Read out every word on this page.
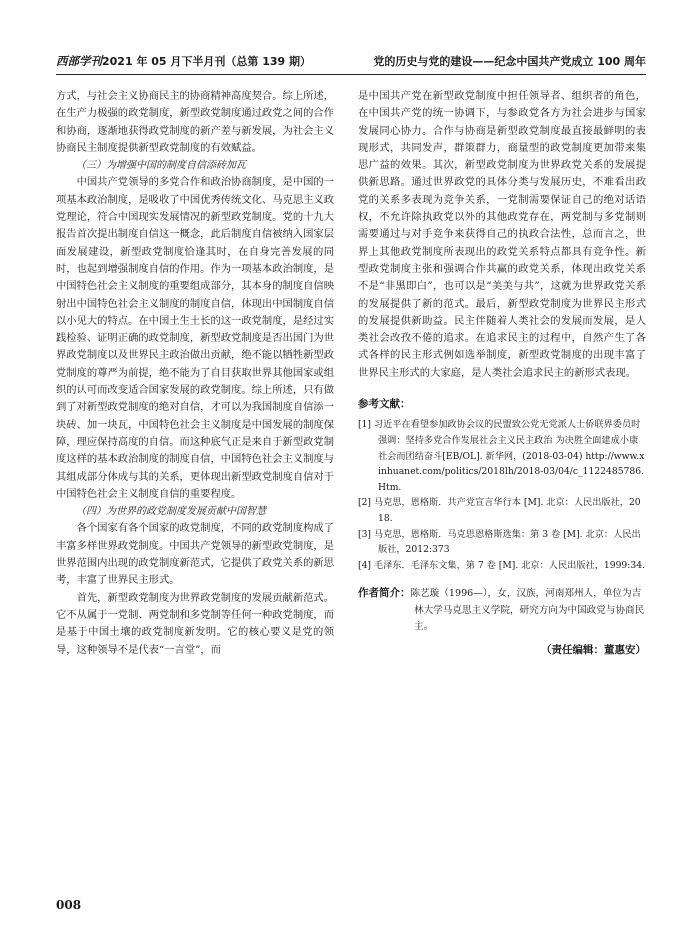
西部学刊2021 年 05 月下半月刊（总第 139 期）	党的历史与党的建设——纪念中国共产党成立 100 周年

方式，与社会主义协商民主的协商精神高度契合。综上所述，在生产力极强的政党制度，新型政党制度通过政党之间的合作和协商，逐渐地获得政党制度的新产差与新发展，为社会主义协商民主制度提供新型政党制度的有效赋益。

（三）为增强中国的制度自信添砖加瓦

中国共产党领导的多党合作和政治协商制度，是中国的一项基本政治制度，是吸收了中国优秀传统文化、马克思主义政党理论，符合中国现实发展情况的新型政党制度。党的十九大报告首次提出制度自信这一概念，此后制度自信被纳入国家层面发展建设，新型政党制度恰逢其时，在自身完善发展的同时，也起到增强制度自信的作用。作为一项基本政治制度，是中国特色社会主义制度的重要组成部分，其本身的制度自信映射出中国特色社会主义制度的制度自信，体现出中国制度自信以小见大的特点。在中国土生土长的这一政党制度，是经过实践检验、证明正确的政党制度，新型政党制度是否出国门为世界政党制度以及世界民主政治做出贡献，绝不能以牺牲新型政党制度的尊严为前提，绝不能为了自目获取世界其他国家或组织的认可而改变适合国家发展的政党制度。综上所述，只有做到了对新型政党制度的绝对自信，才可以为我国制度自信添一块砖、加一块瓦，中国特色社会主义制度是中国发展的制度保障，理应保持高度的自信。而这种底气正是来自于新型政党制度这样的基本政治制度的制度自信，中国特色社会主义制度与其组成部分体成与其的关系，更体现出新型政党制度自信对于中国特色社会主义制度自信的重要程度。

（四）为世界的政党制度发展贡献中国智慧

各个国家有各个国家的政党制度，不同的政党制度构成了丰富多样世界政党制度。中国共产党领导的新型政党制度，是世界范围内出现的政党制度新范式，它提供了政党关系的新思考，丰富了世界民主形式。

首先，新型政党制度为世界政党制度的发展贡献新范式。它不从属于一党制、两党制和多党制等任何一种政党制度，而是基于中国土壤的政党制度新发明。它的核心要义是党的领导，这种领导不是代表“一言堂”，而

是中国共产党在新型政党制度中担任领导者、组织者的角色，在中国共产党的统一协调下，与参政党各方为社会进步与国家发展同心协力。合作与协商是新型政党制度最直接最鲜明的表现形式，共同发声，群策群力，商量型的政党制度更加带来集思广益的效果。其次，新型政党制度为世界政党关系的发展提供新思路。通过世界政党的具体分类与发展历史，不难看出政党的关系多表现为竞争关系，一党制需要保证自己的绝对话语权，不允许除执政党以外的其他政党存在，两党制与多党制则需要通过与对手竞争来获得自己的执政合法性，总而言之，世界上其他政党制度所表现出的政党关系特点都具有竞争性。新型政党制度主张和强调合作共赢的政党关系，体现出政党关系不是“非黑即白”，也可以是“美美与共”，这就为世界政党关系的发展提供了新的范式。最后，新型政党制度为世界民主形式的发展提供新助益。民主伴随着人类社会的发展而发展，是人类社会改孜不倦的追求。在追求民主的过程中，自然产生了各式各样的民主形式例如选举制度，新型政党制度的出现丰富了世界民主形式的大家庭，是人类社会追求民主的新形式表现。

参考文献：

[1] 习近平在看望参加政协会议的民盟致公党无党派人士侨联界委员时强调：坚持多党合作发展社会主义民主政治 为决胜全面建成小康社会而团结奋斗[EB/OL]. 新华网，(2018-03-04) http://www.xinhuanet.com/politics/2018lh/2018-03/04/c_1122485786.Htm.

[2] 马克思，恩格斯．共产党宣言华行本 [M]. 北京：人民出版社，2018.

[3] 马克思，恩格斯．马克思恩格斯选集：第 3 卷 [M]. 北京：人民出版社，2012:373

[4] 毛泽东．毛泽东文集，第 7 卷 [M]. 北京：人民出版社，1999:34.

作者简介：陈艺璇（1996—），女，汉族，河南郑州人，单位为吉林大学马克思主义学院，研究方向为中国政党与协商民主。
（责任编辑：董惠安）
008
